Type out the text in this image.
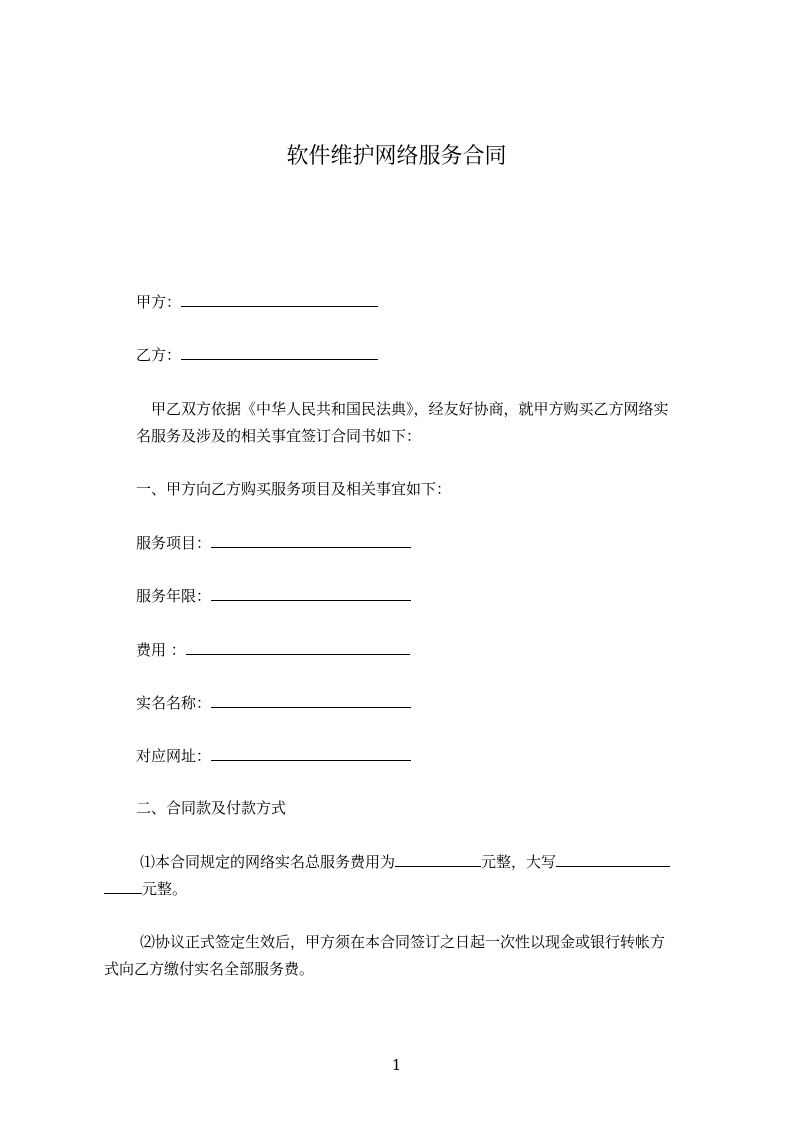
软件维护网络服务合同
甲方：
乙方：
　甲乙双方依据《中华人民共和国民法典》，经友好协商，就甲方购买乙方网络实
名服务及涉及的相关事宜签订合同书如下：
一、甲方向乙方购买服务项目及相关事宜如下：
服务项目：
服务年限：
费用 ：
实名名称：
对应网址：
二、合同款及付款方式
⑴本合同规定的网络实名总服务费用为	元整，大写
元整。
⑵协议正式签定生效后，甲方须在本合同签订之日起一次性以现金或银行转帐方
式向乙方缴付实名全部服务费。
1
